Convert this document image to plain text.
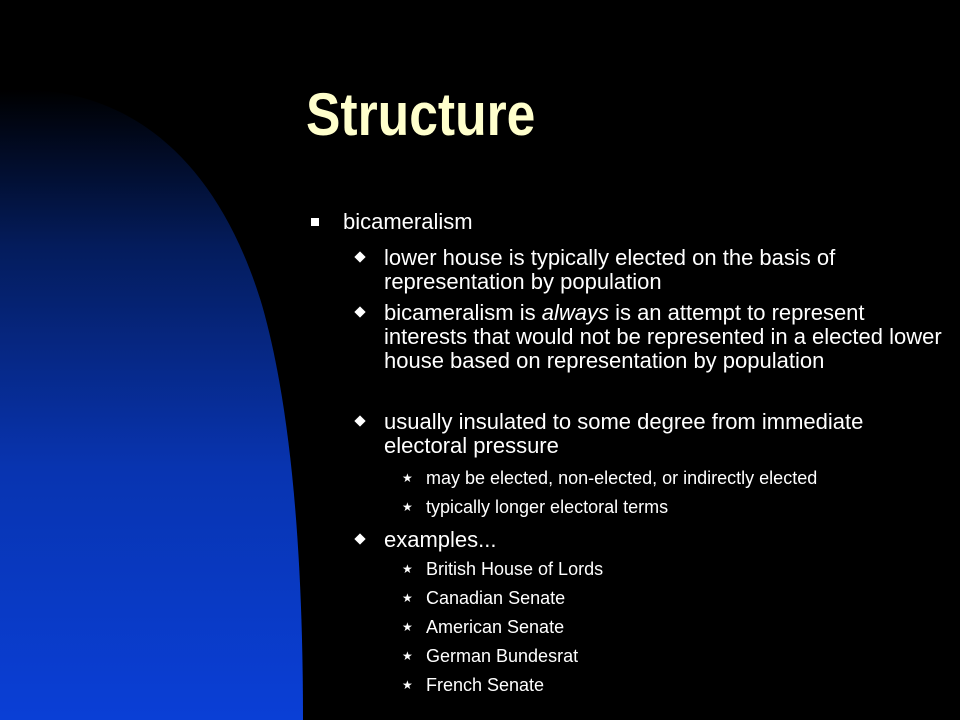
Structure
bicameralism
lower house is typically elected on the basis of representation by population
bicameralism is always is an attempt to represent interests that would not be represented in a elected lower house based on representation by population
usually insulated to some degree from immediate electoral pressure
★ may be elected, non-elected, or indirectly elected
★ typically longer electoral terms
examples...
★ British House of Lords
★ Canadian Senate
★ American Senate
★ German Bundesrat
★ French Senate
